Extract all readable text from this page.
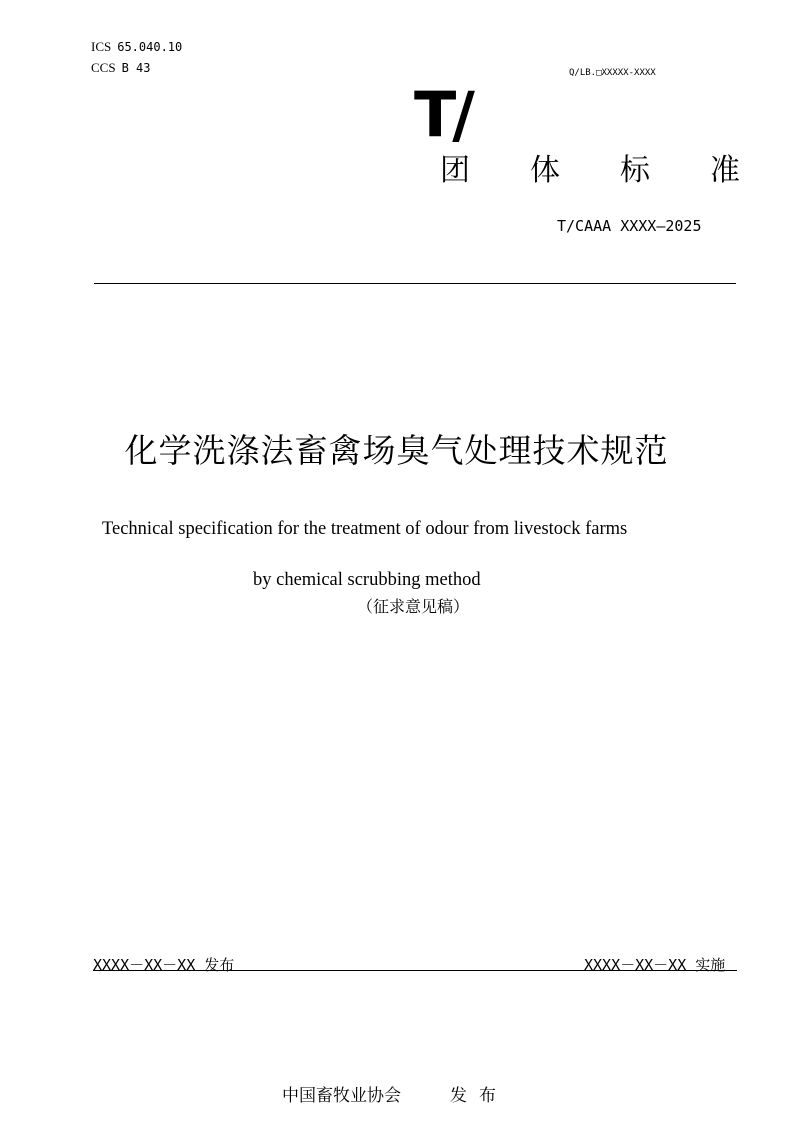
ICS 65.040.10
CCS B 43	Q/LB.□XXXXX-XXXX
T/
团 体 标 准
T/CAAA XXXX—2025
化学洗涤法畜禽场臭气处理技术规范
Technical specification for the treatment of odour from livestock farms
by chemical scrubbing method
（征求意见稿）
XXXX－XX－XX 发布	XXXX－XX－XX 实施
中国畜牧业协会	发布
